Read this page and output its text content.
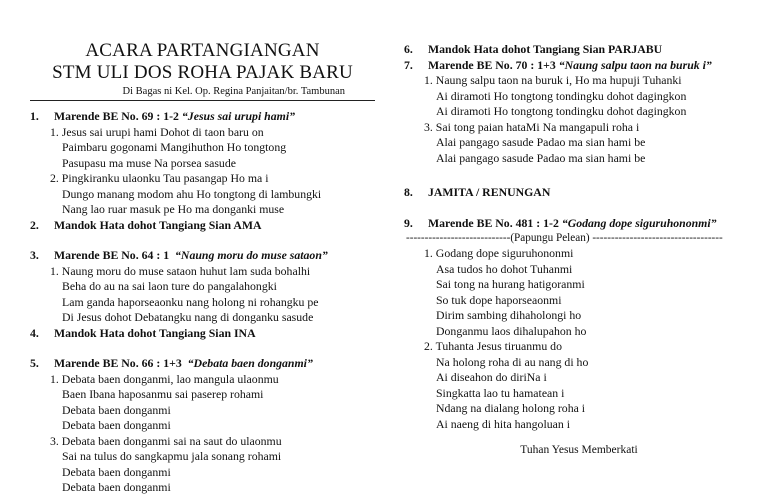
ACARA PARTANGIANGAN
STM ULI DOS ROHA PAJAK BARU
Di Bagas ni Kel. Op. Regina Panjaitan/br. Tambunan
1.	Marende BE No. 69 : 1-2
“Jesus sai urupi hami”
1. Jesus sai urupi hami Dohot di taon baru on
Paimbaru gogonami Mangihuthon Ho tongtong
Pasupasu ma muse Na porsea sasude
2. Pingkiranku ulaonku Tau pasangap Ho ma i
Dungo manang modom ahu Ho tongtong di lambungki
Nang lao ruar masuk pe Ho ma donganki muse
2.	Mandok Hata dohot Tangiang Sian AMA
3.	Marende BE No. 64 : 1
“Naung moru do muse sataon”
1. Naung moru do muse sataon huhut lam suda bohalhi
Beha do au na sai laon ture do pangalahongki
Lam ganda haporseaonku nang holong ni rohangku pe
Di Jesus dohot Debatangku nang di donganku sasude
4.	Mandok Hata dohot Tangiang Sian INA
5.	Marende BE No. 66 : 1+3
“Debata baen donganmi”
1. Debata baen donganmi, lao mangula ulaonmu
Baen Ibana haposanmu sai paserep rohami
Debata baen donganmi
Debata baen donganmi
3. Debata baen donganmi sai na saut do ulaonmu
Sai na tulus do sangkapmu jala sonang rohami
Debata baen donganmi
Debata baen donganmi
6.	Mandok Hata dohot Tangiang Sian PARJABU
7.	Marende BE No. 70 : 1+3
“Naung salpu taon na buruk i”
1. Naung salpu taon na buruk i, Ho ma hupuji Tuhanki
Ai diramoti Ho tongtong tondingku dohot dagingkon
Ai diramoti Ho tongtong tondingku dohot dagingkon
3. Sai tong paian hataMi Na mangapuli roha i
Alai pangago sasude Padao ma sian hami be
Alai pangago sasude Padao ma sian hami be
8.	JAMITA / RENUNGAN
9.	Marende BE No. 481 : 1-2
“Godang dope siguruhononmi”
----------------------------(Papungu Pelean) -----------------------------------
1. Godang dope siguruhononmi
Asa tudos ho dohot Tuhanmi
Sai tong na hurang hatigoranmi
So tuk dope haporseaonmi
Dirim sambing dihaholongi ho
Donganmu laos dihalupahon ho
2. Tuhanta Jesus tiruanmu do
Na holong roha di au nang di ho
Ai diseahon do diriNa i
Singkatta lao tu hamatean i
Ndang na dialang holong roha i
Ai naeng di hita hangoluan i
Tuhan Yesus Memberkati
